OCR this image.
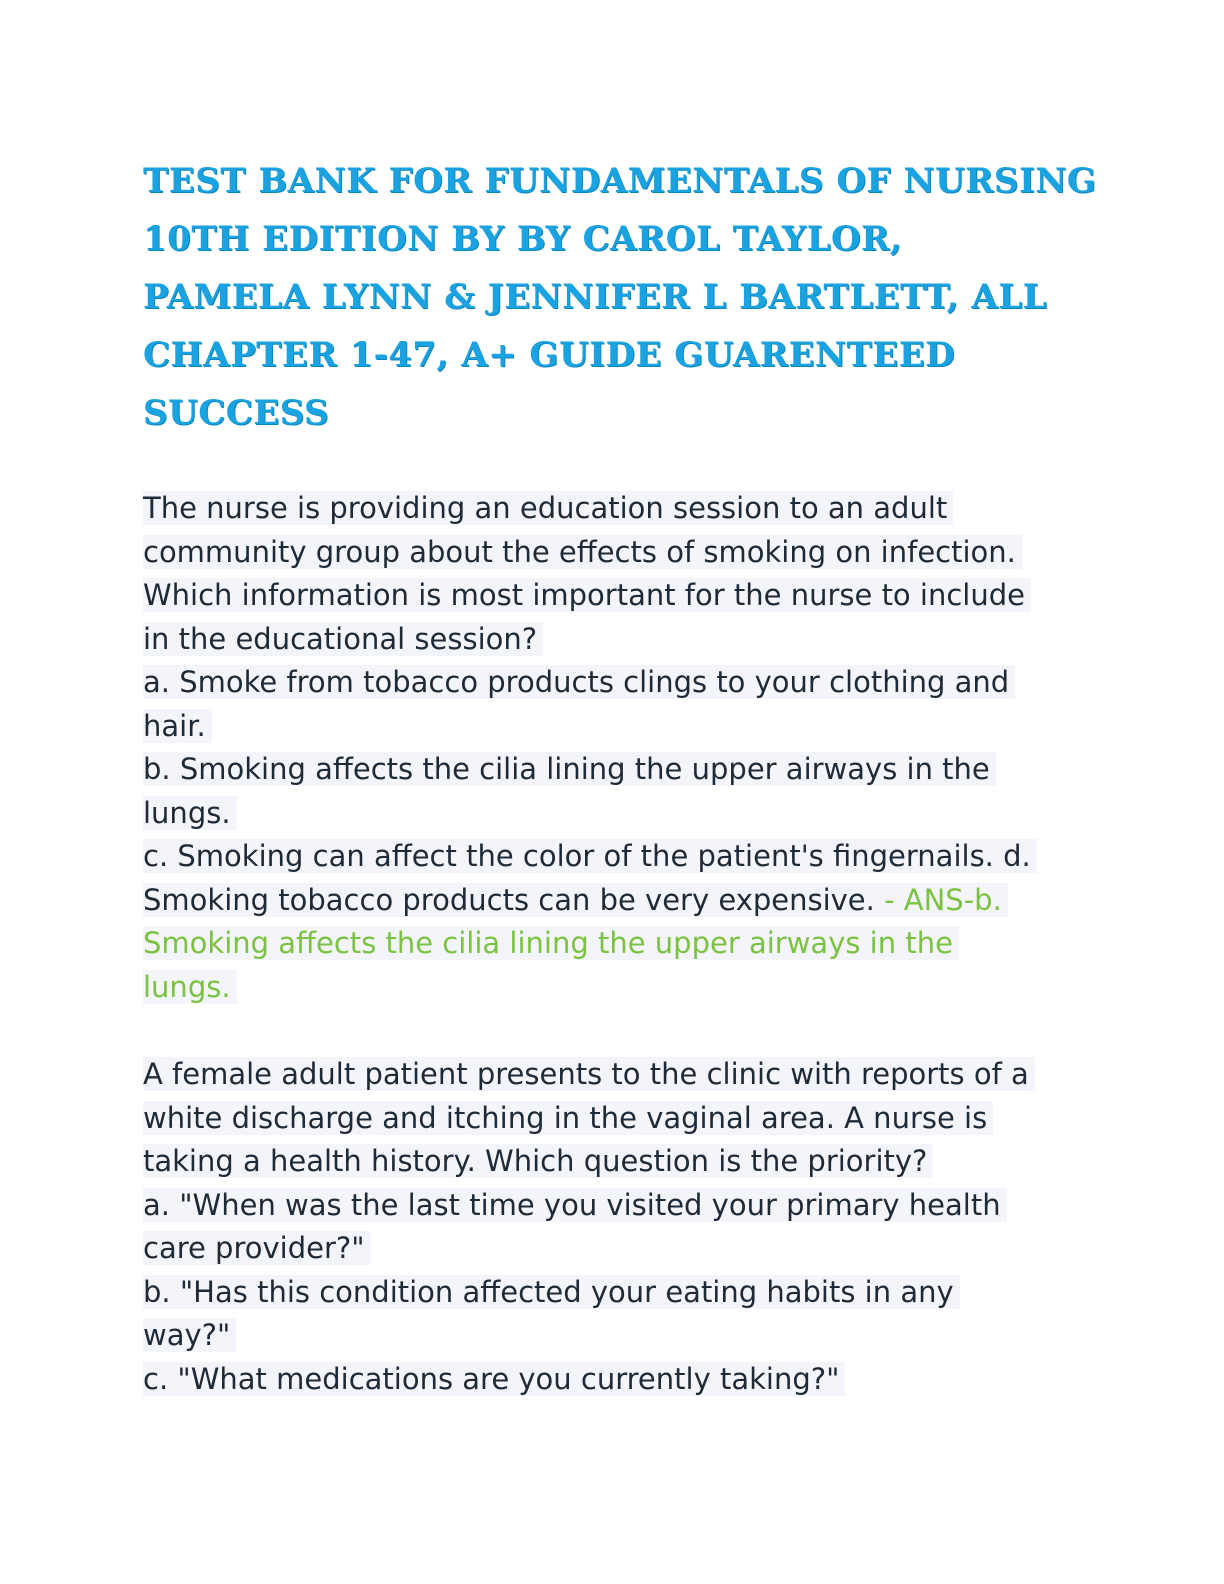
TEST BANK FOR FUNDAMENTALS OF NURSING
10TH EDITION BY BY CAROL TAYLOR,
PAMELA LYNN & JENNIFER L BARTLETT, ALL
CHAPTER 1-47, A+ GUIDE GUARENTEED
SUCCESS
The nurse is providing an education session to an adult
community group about the effects of smoking on infection.
Which information is most important for the nurse to include
in the educational session?
a. Smoke from tobacco products clings to your clothing and
hair.
b. Smoking affects the cilia lining the upper airways in the
lungs.
c. Smoking can affect the color of the patient's fingernails. d.
Smoking tobacco products can be very expensive. - ANS-b.
Smoking affects the cilia lining the upper airways in the
lungs.
A female adult patient presents to the clinic with reports of a
white discharge and itching in the vaginal area. A nurse is
taking a health history. Which question is the priority?
a. "When was the last time you visited your primary health
care provider?"
b. "Has this condition affected your eating habits in any
way?"
c. "What medications are you currently taking?"
